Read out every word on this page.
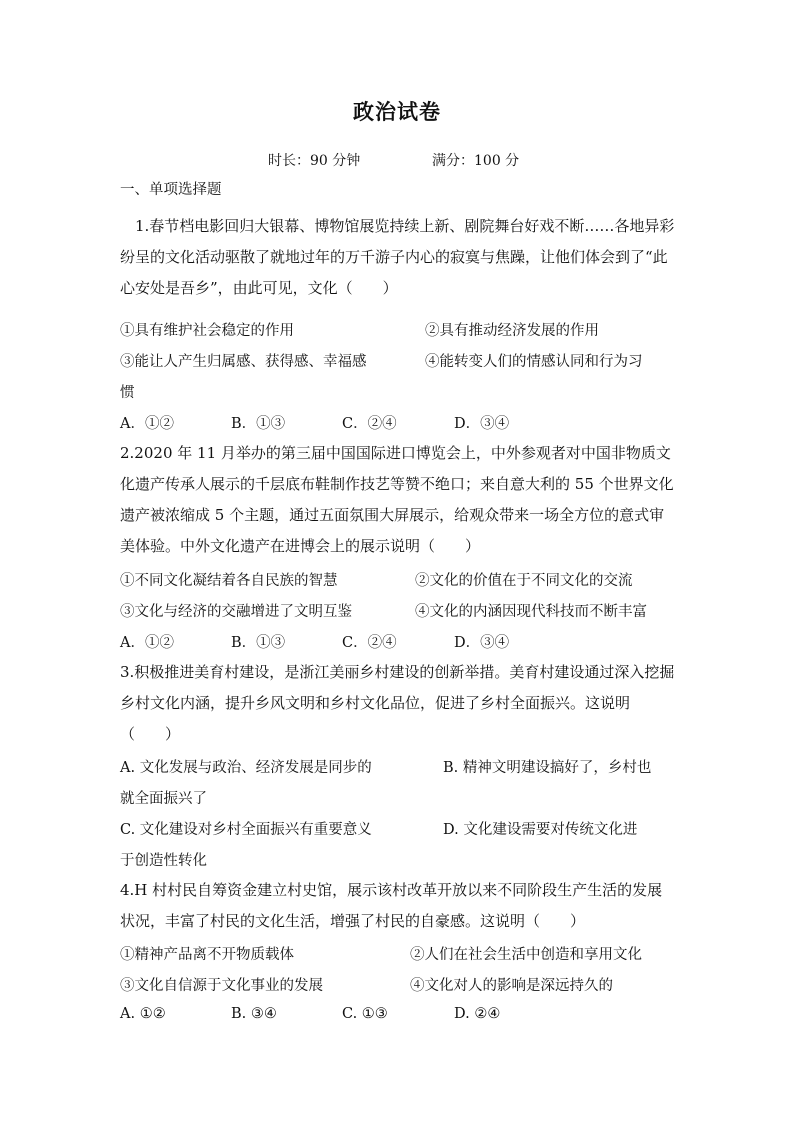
政治试卷
时长：90 分钟	满分：100 分
一、单项选择题
1.春节档电影回归大银幕、博物馆展览持续上新、剧院舞台好戏不断……各地异彩纷呈的文化活动驱散了就地过年的万千游子内心的寂寞与焦躁，让他们体会到了“此心安处是吾乡”，由此可见，文化（　　）
①具有维护社会稳定的作用	②具有推动经济发展的作用
③能让人产生归属感、获得感、幸福感	④能转变人们的情感认同和行为习
惯
A．①②	B．①③	C．②④	D．③④
2.2020 年 11 月举办的第三届中国国际进口博览会上，中外参观者对中国非物质文化遗产传承人展示的千层底布鞋制作技艺等赞不绝口；来自意大利的 55 个世界文化遗产被浓缩成 5 个主题，通过五面氛围大屏展示，给观众带来一场全方位的意式审美体验。中外文化遗产在进博会上的展示说明（　　）
①不同文化凝结着各自民族的智慧	②文化的价值在于不同文化的交流
③文化与经济的交融增进了文明互鉴	④文化的内涵因现代科技而不断丰富
A．①②	B．①③	C．②④	D．③④
3.积极推进美育村建设，是浙江美丽乡村建设的创新举措。美育村建设通过深入挖掘乡村文化内涵，提升乡风文明和乡村文化品位，促进了乡村全面振兴。这说明（　　）
A. 文化发展与政治、经济发展是同步的	B. 精神文明建设搞好了，乡村也
就全面振兴了
C. 文化建设对乡村全面振兴有重要意义	D. 文化建设需要对传统文化进
于创造性转化
4.H 村村民自筹资金建立村史馆，展示该村改革开放以来不同阶段生产生活的发展状况，丰富了村民的文化生活，增强了村民的自豪感。这说明（　　）
①精神产品离不开物质载体	②人们在社会生活中创造和享用文化
③文化自信源于文化事业的发展	④文化对人的影响是深远持久的
A. ①②	B. ③④	C. ①③	D. ②④
